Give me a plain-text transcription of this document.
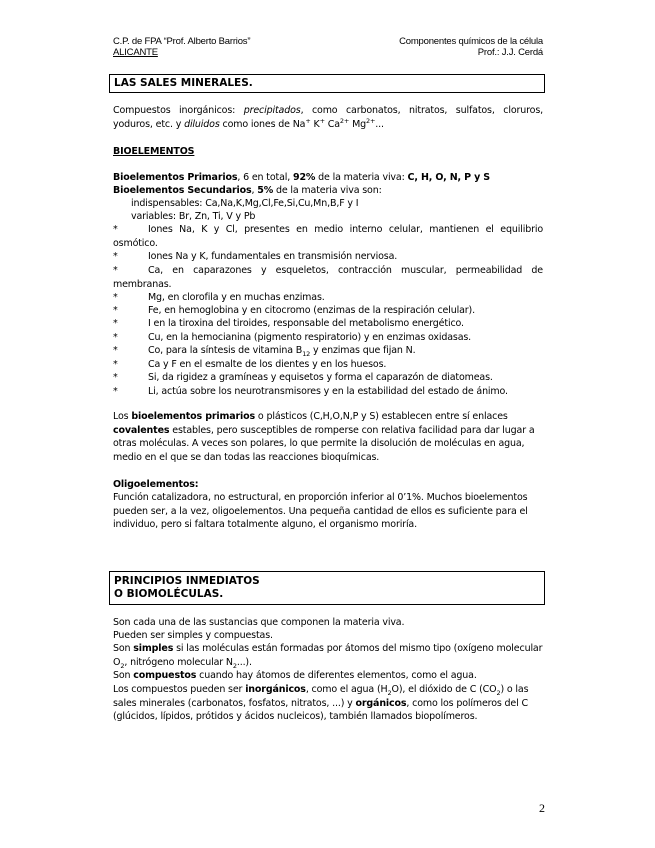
C.P. de FPA “Prof. Alberto Barrios”
ALICANTE
Componentes químicos de la célula
Prof.: J.J. Cerdá
LAS SALES MINERALES.
Compuestos inorgánicos: precipitados, como carbonatos, nitratos, sulfatos, cloruros, yoduros, etc. y diluidos como iones de Na+ K+ $Ca^{2+}$ $Mg^{2+}$...
BIOELEMENTOS
Bioelementos Primarios, 6 en total, 92% de la materia viva: C, H, O, N, P y S
Bioelementos Secundarios, 5% de la materia viva son:
indispensables: Ca,Na,K,Mg,Cl,Fe,Si,Cu,Mn,B,F y I
variables: Br, Zn, Ti, V y Pb
*	Iones Na, K y Cl, presentes en medio interno celular, mantienen el equilibrio osmótico.
*	Iones Na y K, fundamentales en transmisión nerviosa.
*	Ca, en caparazones y esqueletos, contracción muscular, permeabilidad de membranas.
*	Mg, en clorofila y en muchas enzimas.
*	Fe, en hemoglobina y en citocromo (enzimas de la respiración celular).
*	I en la tiroxina del tiroides, responsable del metabolismo energético.
*	Cu, en la hemocianina (pigmento respiratorio) y en enzimas oxidasas.
*	Co, para la síntesis de vitamina $B_{12}$ y enzimas que fijan N.
*	Ca y F en el esmalte de los dientes y en los huesos.
*	Si, da rigidez a gramíneas y equisetos y forma el caparazón de diatomeas.
*	Li, actúa sobre los neurotransmisores y en la estabilidad del estado de ánimo.
Los bioelementos primarios o plásticos (C,H,O,N,P y S) establecen entre sí enlaces covalentes estables, pero susceptibles de romperse con relativa facilidad para dar lugar a otras moléculas. A veces son polares, lo que permite la disolución de moléculas en agua, medio en el que se dan todas las reacciones bioquímicas.
Oligoelementos:
Función catalizadora, no estructural, en proporción inferior al 0’1%. Muchos bioelementos pueden ser, a la vez, oligoelementos. Una pequeña cantidad de ellos es suficiente para el individuo, pero si faltara totalmente alguno, el organismo moriría.
PRINCIPIOS INMEDIATOS
O BIOMOLÉCULAS.
Son cada una de las sustancias que componen la materia viva.
Pueden ser simples y compuestas.
Son simples si las moléculas están formadas por átomos del mismo tipo (oxígeno molecular $O_2$, nitrógeno molecular $N_2$...).
Son compuestos cuando hay átomos de diferentes elementos, como el agua.
Los compuestos pueden ser inorgánicos, como el agua $(H_2O)$, el dióxido de C $(CO_2)$ o las sales minerales (carbonatos, fosfatos, nitratos, ...) y orgánicos, como los polímeros del C (glúcidos, lípidos, prótidos y ácidos nucleicos), también llamados biopolímeros.
2
